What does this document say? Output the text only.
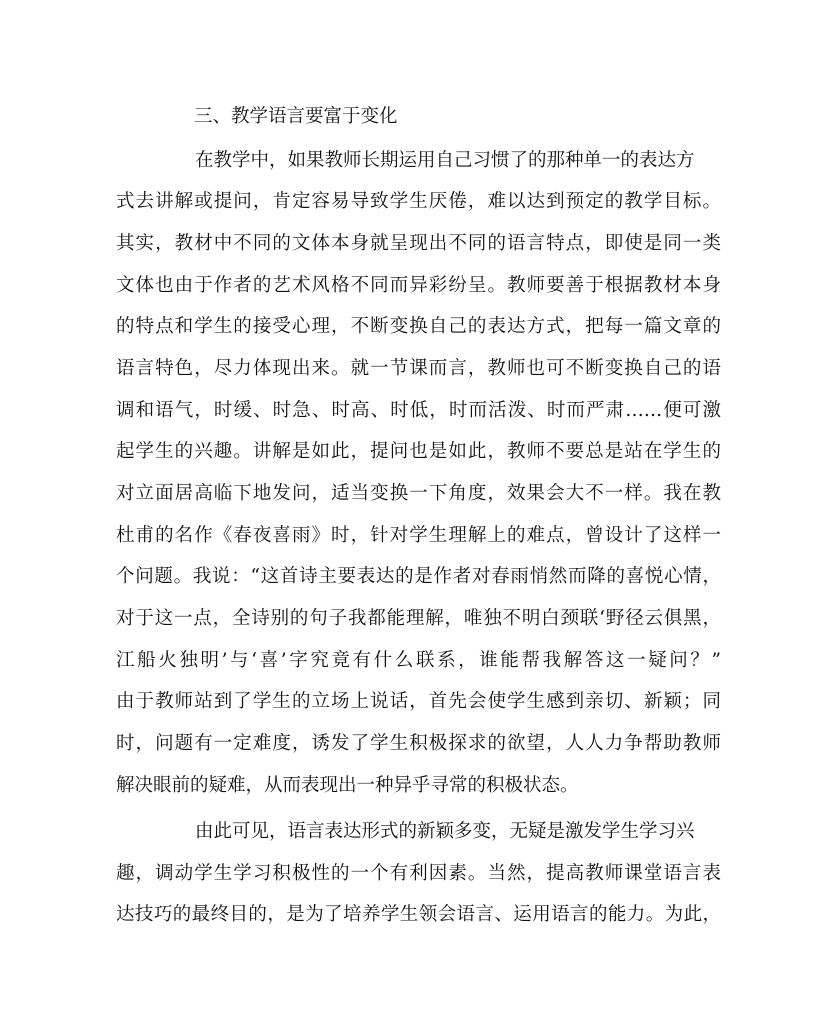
三、教学语言要富于变化
在教学中，如果教师长期运用自己习惯了的那种单一的表达方
式去讲解或提问，肯定容易导致学生厌倦，难以达到预定的教学目标。
其实，教材中不同的文体本身就呈现出不同的语言特点，即使是同一类
文体也由于作者的艺术风格不同而异彩纷呈。教师要善于根据教材本身
的特点和学生的接受心理，不断变换自己的表达方式，把每一篇文章的
语言特色，尽力体现出来。就一节课而言，教师也可不断变换自己的语
调和语气，时缓、时急、时高、时低，时而活泼、时而严肃……便可激
起学生的兴趣。讲解是如此，提问也是如此，教师不要总是站在学生的
对立面居高临下地发问，适当变换一下角度，效果会大不一样。我在教
杜甫的名作《春夜喜雨》时，针对学生理解上的难点，曾设计了这样一
个问题。我说：“这首诗主要表达的是作者对春雨悄然而降的喜悦心情，
对于这一点，全诗别的句子我都能理解，唯独不明白颈联‘野径云俱黑，
江船火独明’与‘喜’字究竟有什么联系，谁能帮我解答这一疑问？”
由于教师站到了学生的立场上说话，首先会使学生感到亲切、新颖；同
时，问题有一定难度，诱发了学生积极探求的欲望，人人力争帮助教师
解决眼前的疑难，从而表现出一种异乎寻常的积极状态。
由此可见，语言表达形式的新颖多变，无疑是激发学生学习兴
趣，调动学生学习积极性的一个有利因素。当然，提高教师课堂语言表
达技巧的最终目的，是为了培养学生领会语言、运用语言的能力。为此，
